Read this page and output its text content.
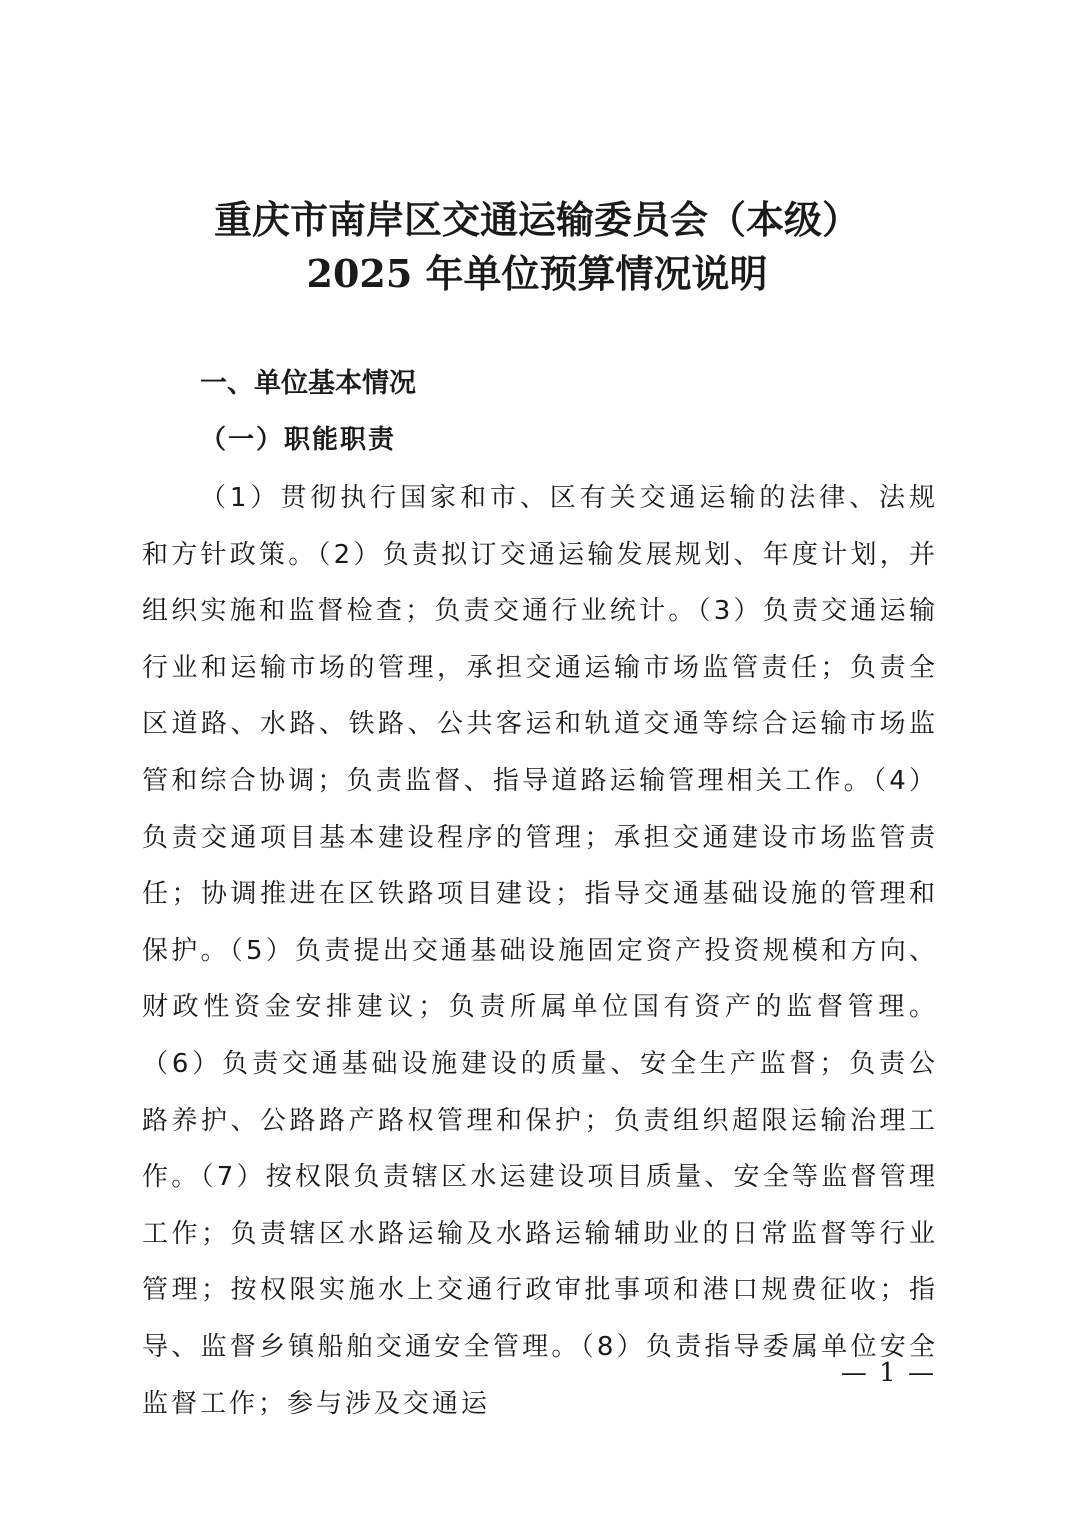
重庆市南岸区交通运输委员会（本级）
2025 年单位预算情况说明
一、单位基本情况
（一）职能职责

（1）贯彻执行国家和市、区有关交通运输的法律、法规和方针政策。（2）负责拟订交通运输发展规划、年度计划，并组织实施和监督检查；负责交通行业统计。（3）负责交通运输行业和运输市场的管理，承担交通运输市场监管责任；负责全区道路、水路、铁路、公共客运和轨道交通等综合运输市场监管和综合协调；负责监督、指导道路运输管理相关工作。（4）负责交通项目基本建设程序的管理；承担交通建设市场监管责任；协调推进在区铁路项目建设；指导交通基础设施的管理和保护。（5）负责提出交通基础设施固定资产投资规模和方向、财政性资金安排建议；负责所属单位国有资产的监督管理。（6）负责交通基础设施建设的质量、安全生产监督；负责公路养护、公路路产路权管理和保护；负责组织超限运输治理工作。（7）按权限负责辖区水运建设项目质量、安全等监督管理工作；负责辖区水路运输及水路运输辅助业的日常监督等行业管理；按权限实施水上交通行政审批事项和港口规费征收；指导、监督乡镇船舶交通安全管理。（8）负责指导委属单位安全监督工作；参与涉及交通运

— 1 —
